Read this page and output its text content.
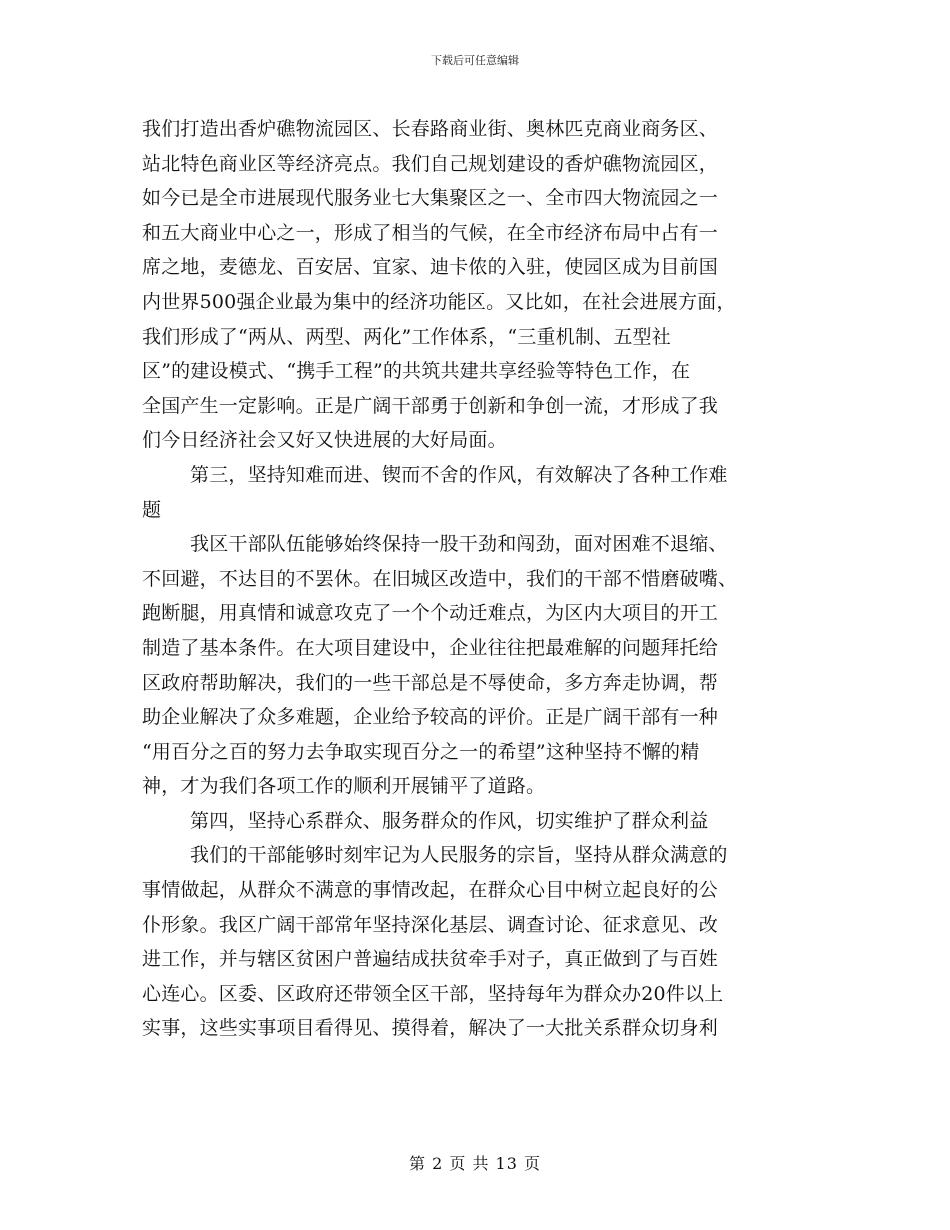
下载后可任意编辑
我们打造出香炉礁物流园区、长春路商业街、奥林匹克商业商务区、
站北特色商业区等经济亮点。我们自己规划建设的香炉礁物流园区，
如今已是全市进展现代服务业七大集聚区之一、全市四大物流园之一
和五大商业中心之一，形成了相当的气候，在全市经济布局中占有一
席之地，麦德龙、百安居、宜家、迪卡侬的入驻，使园区成为目前国
内世界500强企业最为集中的经济功能区。又比如，在社会进展方面，
我们形成了“两从、两型、两化”工作体系，“三重机制、五型社
区”的建设模式、“携手工程”的共筑共建共享经验等特色工作，在
全国产生一定影响。正是广阔干部勇于创新和争创一流，才形成了我
们今日经济社会又好又快进展的大好局面。
第三，坚持知难而进、锲而不舍的作风，有效解决了各种工作难
题
我区干部队伍能够始终保持一股干劲和闯劲，面对困难不退缩、
不回避，不达目的不罢休。在旧城区改造中，我们的干部不惜磨破嘴、
跑断腿，用真情和诚意攻克了一个个动迁难点，为区内大项目的开工
制造了基本条件。在大项目建设中，企业往往把最难解的问题拜托给
区政府帮助解决，我们的一些干部总是不辱使命，多方奔走协调，帮
助企业解决了众多难题，企业给予较高的评价。正是广阔干部有一种
“用百分之百的努力去争取实现百分之一的希望”这种坚持不懈的精
神，才为我们各项工作的顺利开展铺平了道路。
第四，坚持心系群众、服务群众的作风，切实维护了群众利益
我们的干部能够时刻牢记为人民服务的宗旨，坚持从群众满意的
事情做起，从群众不满意的事情改起，在群众心目中树立起良好的公
仆形象。我区广阔干部常年坚持深化基层、调查讨论、征求意见、改
进工作，并与辖区贫困户普遍结成扶贫牵手对子，真正做到了与百姓
心连心。区委、区政府还带领全区干部，坚持每年为群众办20件以上
实事，这些实事项目看得见、摸得着，解决了一大批关系群众切身利
第 2 页 共 13 页
